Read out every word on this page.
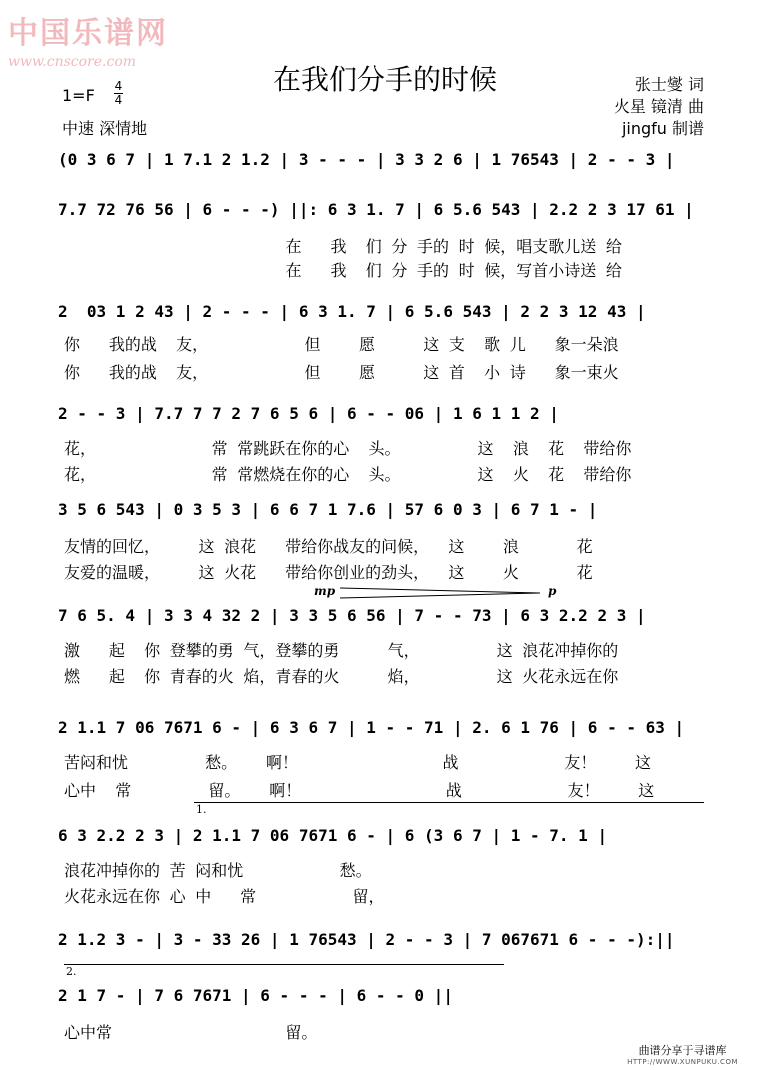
中国乐谱网
www.cnscore.com
在我们分手的时候
1=F 4
4
中速 深情地
张士燮 词
火星 镜清 曲
jingfu 制谱
(0 3 6 7 | 1 7.1 2 1.2 | 3 - - - | 3 3 2 6 | 1 76543 | 2 - - 3 |
7.7 72 76 56 | 6 - - -) ||: 6 3 1. 7 | 6 5.6 543 | 2.2 2 3 17 61 |
在   我  们 分 手的 时 候，唱支歌儿送 给
在   我  们 分 手的 时 候，写首小诗送 给
2  03 1 2 43 | 2 - - - | 6 3 1. 7 | 6 5.6 543 | 2 2 3 12 43 |
你   我的战  友，          但    愿     这 支  歌 儿   象一朵浪
你   我的战  友，          但    愿     这 首  小 诗   象一束火
2 - - 3 | 7.7 7 7 2 7 6 5 6 | 6 - - 06 | 1 6 1 1 2 |
花，            常 常跳跃在你的心  头。        这  浪  花  带给你
花，            常 常燃烧在你的心  头。        这  火  花  带给你
3 5 6 543 | 0 3 5 3 | 6 6 7 1 7.6 | 57 6 0 3 | 6 7 1 - |
友情的回忆，    这 浪花   带给你战友的问候，  这    浪      花
友爱的温暖，    这 火花   带给你创业的劲头，  这    火      花
mp	p
7 6 5. 4 | 3 3 4 32 2 | 3 3 5 6 56 | 7 - - 73 | 6 3 2.2 2 3 |
激   起  你 登攀的勇 气，登攀的勇     气，        这 浪花冲掉你的
燃   起  你 青春的火 焰，青春的火     焰，        这 火花永远在你
2 1.1 7 06 7671 6 - | 6 3 6 7 | 1 - - 71 | 2. 6 1 76 | 6 - - 63 |
苦闷和忧        愁。   啊！               战           友！    这
心中  常        留。   啊！               战           友！    这
1.
6 3 2.2 2 3 | 2 1.1 7 06 7671 6 - | 6 (3 6 7 | 1 - 7. 1 |
浪花冲掉你的 苦 闷和忧          愁。
火花永远在你 心 中   常          留，
2 1.2 3 - | 3 - 33 26 | 1 76543 | 2 - - 3 | 7 067671 6 - - -):||
2.
2 1 7 - | 7 6 7671 | 6 - - - | 6 - - 0 ||
心中常                  留。
曲谱分享于寻谱库
HTTP://WWW.XUNPUKU.COM
